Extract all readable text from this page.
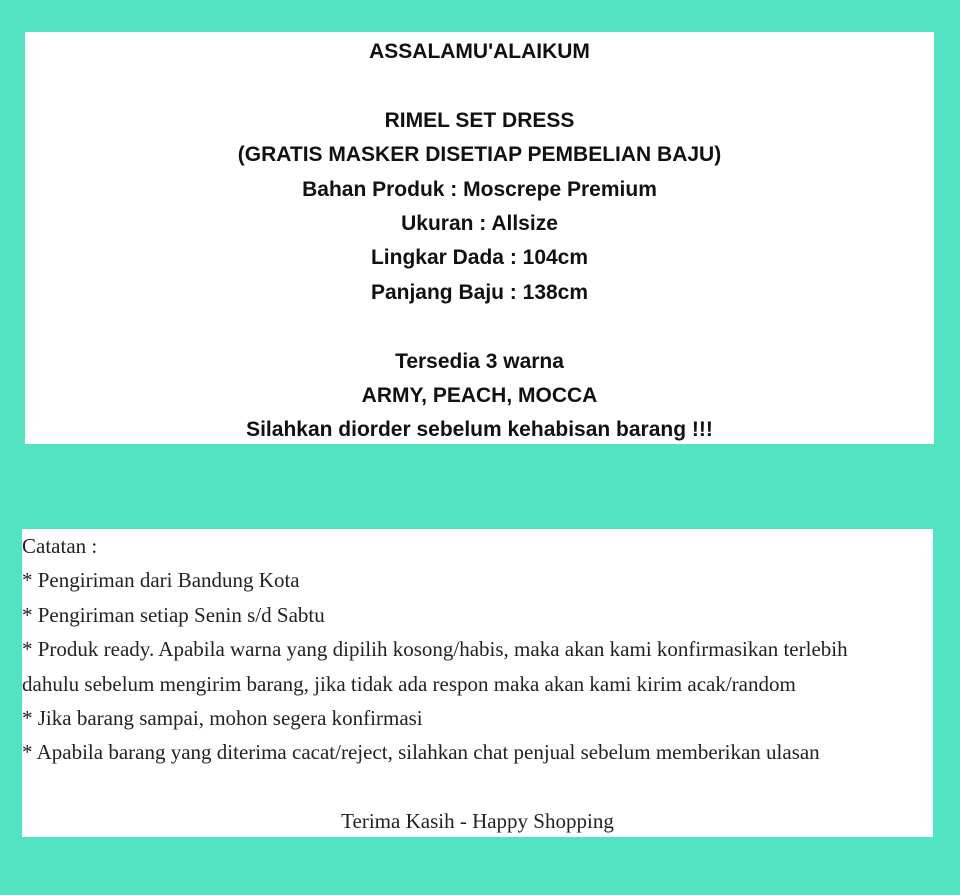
ASSALAMU'ALAIKUM
RIMEL SET DRESS
(GRATIS MASKER DISETIAP PEMBELIAN BAJU)
Bahan Produk : Moscrepe Premium
Ukuran : Allsize
Lingkar Dada : 104cm
Panjang Baju : 138cm
Tersedia 3 warna
ARMY, PEACH, MOCCA
Silahkan diorder sebelum kehabisan barang !!!
Catatan :
* Pengiriman dari Bandung Kota
* Pengiriman setiap Senin s/d Sabtu
* Produk ready. Apabila warna yang dipilih kosong/habis, maka akan kami konfirmasikan terlebih
dahulu sebelum mengirim barang, jika tidak ada respon maka akan kami kirim acak/random
* Jika barang sampai, mohon segera konfirmasi
* Apabila barang yang diterima cacat/reject, silahkan chat penjual sebelum memberikan ulasan
Terima Kasih - Happy Shopping
